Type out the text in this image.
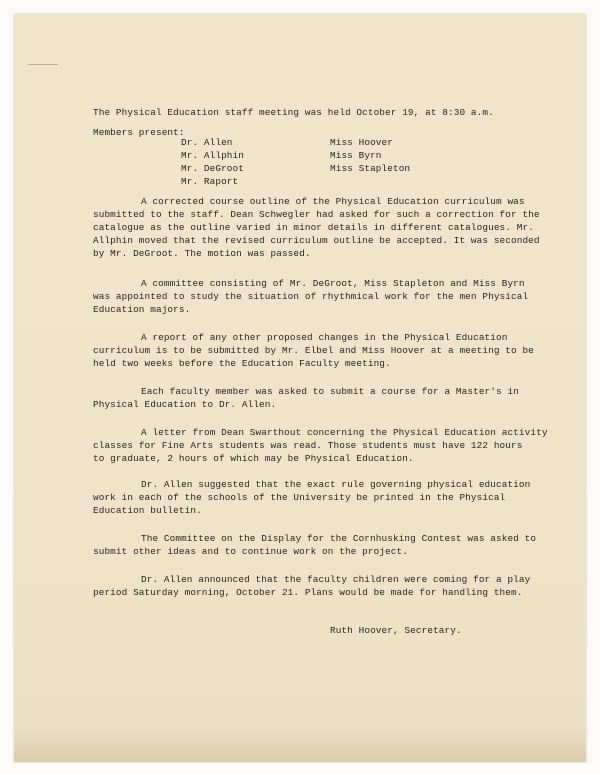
The Physical Education staff meeting was held October 19, at 8:30 a.m.
Members present:
Dr. Allen
Mr. Allphin
Mr. DeGroot
Mr. Raport
Miss Hoover
Miss Byrn
Miss Stapleton
A corrected course outline of the Physical Education curriculum was
submitted to the staff. Dean Schwegler had asked for such a correction for the
catalogue as the outline varied in minor details in different catalogues. Mr.
Allphin moved that the revised curriculum outline be accepted. It was seconded
by Mr. DeGroot. The motion was passed.
A committee consisting of Mr. DeGroot, Miss Stapleton and Miss Byrn
was appointed to study the situation of rhythmical work for the men Physical
Education majors.
A report of any other proposed changes in the Physical Education
curriculum is to be submitted by Mr. Elbel and Miss Hoover at a meeting to be
held two weeks before the Education Faculty meeting.
Each faculty member was asked to submit a course for a Master's in
Physical Education to Dr. Allen.
A letter from Dean Swarthout concerning the Physical Education activity
classes for Fine Arts students was read. Those students must have 122 hours
to graduate, 2 hours of which may be Physical Education.
Dr. Allen suggested that the exact rule governing physical education
work in each of the schools of the University be printed in the Physical
Education bulletin.
The Committee on the Display for the Cornhusking Contest was asked to
submit other ideas and to continue work on the project.
Dr. Allen announced that the faculty children were coming for a play
period Saturday morning, October 21. Plans would be made for handling them.
Ruth Hoover, Secretary.
